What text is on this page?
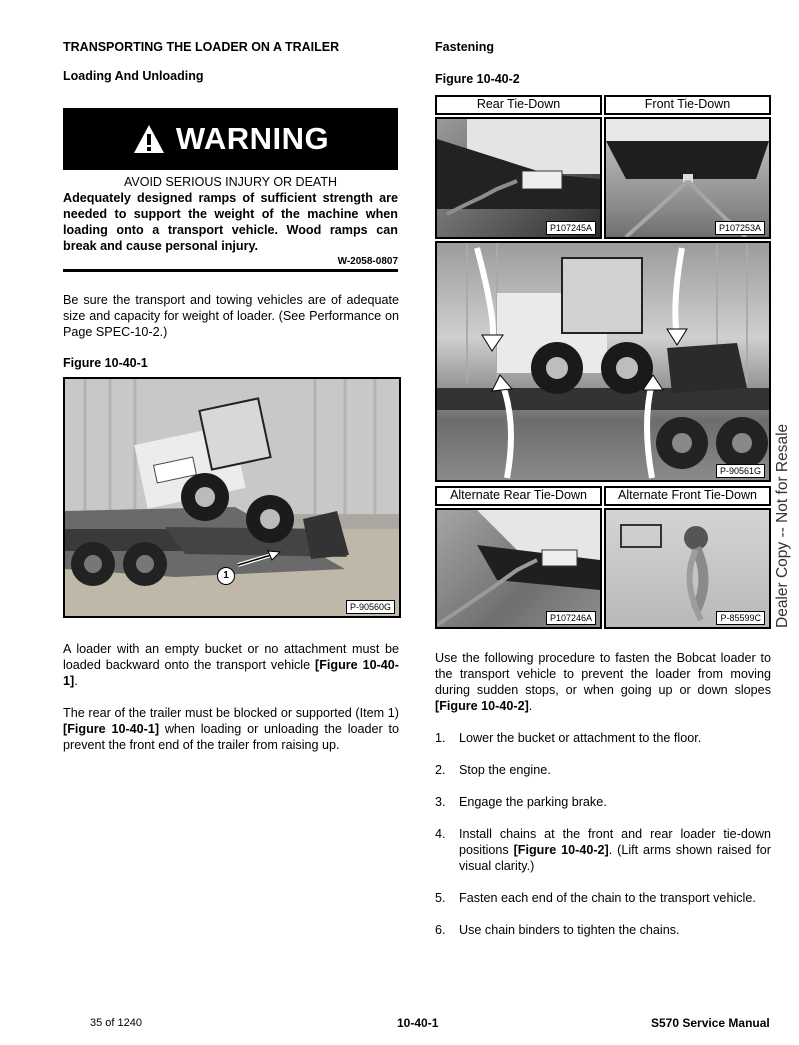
TRANSPORTING THE LOADER ON A TRAILER
Loading And Unloading
WARNING
AVOID SERIOUS INJURY OR DEATH
Adequately designed ramps of sufficient strength are needed to support the weight of the machine when loading onto a transport vehicle. Wood ramps can break and cause personal injury.
W-2058-0807
Be sure the transport and towing vehicles are of adequate size and capacity for weight of loader. (See Performance on Page SPEC-10-2.)
Figure 10-40-1
1
P-90560G
A loader with an empty bucket or no attachment must be loaded backward onto the transport vehicle [Figure 10-40-1].
The rear of the trailer must be blocked or supported (Item 1) [Figure 10-40-1] when loading or unloading the loader to prevent the front end of the trailer from raising up.
Fastening
Figure 10-40-2
Rear Tie-Down	Front Tie-Down
P107245A	P107253A
P-90561G
Alternate Rear Tie-Down	Alternate Front Tie-Down
P107246A	P-85599C Dealer Copy -- Not for Resale
Use the following procedure to fasten the Bobcat loader to the transport vehicle to prevent the loader from moving during sudden stops, or when going up or down slopes [Figure 10-40-2].
1. Lower the bucket or attachment to the floor.
2. Stop the engine.
3. Engage the parking brake.
4. Install chains at the front and rear loader tie-down positions [Figure 10-40-2]. (Lift arms shown raised for visual clarity.)
5. Fasten each end of the chain to the transport vehicle.
6. Use chain binders to tighten the chains.
35 of 1240	10-40-1	S570 Service Manual
